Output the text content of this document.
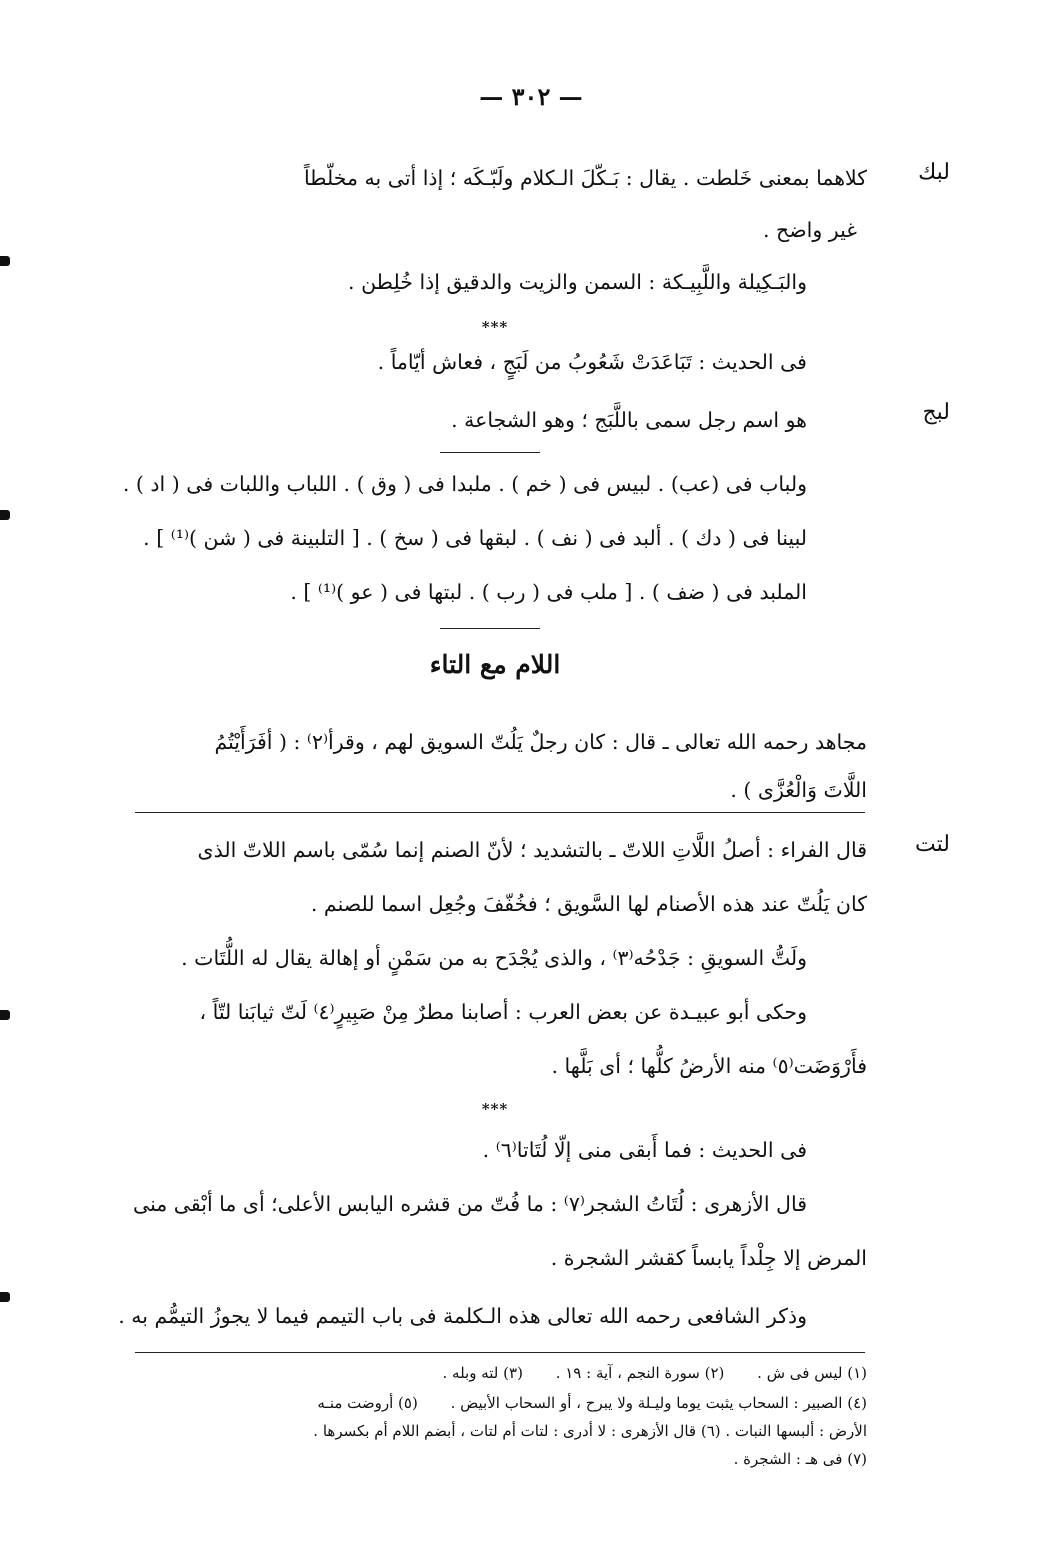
— ٣٠٢ —
لبك
كلاهما بمعنى خَلطت . يقال : بَـكّلَ الـكلام ولَبّـكَه ؛ إذا أتى به مخلّطاً
غير واضح .
والبَـكِيلة واللَّبِيـكة : السمن والزيت والدقيق إذا خُلِطن .
***
فى الحديث : تَبَاعَدَتْ شَعُوبُ من لَبَجٍ ، فعاش أيّاماً .
لبج
هو اسم رجل سمى باللَّبَج ؛ وهو الشجاعة .
ولباب فى (عب) . لبيس فى ( خم ) . ملبدا فى ( وق ) . اللباب واللبات فى ( اد ) .
لبينا فى ( دك ) . ألبد فى ( نف ) . لبقها فى ( سخ ) . [ التلبينة فى ( شن )⁽¹⁾ ] .
الملبد فى ( ضف ) . [ ملب فى ( رب ) . لبتها فى ( عو )⁽¹⁾ ] .
اللام مع التاء
مجاهد رحمه الله تعالى ـ قال : كان رجلٌ يَلُتّ السويق لهم ، وقرأ⁽٢⁾ : ( أفَرَأَيْتُمُ
اللَّاتَ وَالْعُزَّى ) .
لتت
قال الفراء : أصلُ اللَّاتِ اللاتّ ـ بالتشديد ؛ لأنّ الصنم إنما سُمّى باسم اللاتّ الذى
كان يَلُتّ عند هذه الأصنام لها السَّويق ؛ فخُفّفَ وجُعِل اسما للصنم .
ولَتُّ السويقِ : جَدْحُه⁽٣⁾ ، والذى يُجْدَح به من سَمْنٍ أو إهالة يقال له اللُّتَات .
وحكى أبو عبيـدة عن بعض العرب : أصابنا مطرٌ مِنْ صَبِيرٍ⁽٤⁾ لَتّ ثيابَنا لتّاً ،
فأَرْوَضَت⁽٥⁾ منه الأرضُ كلُّها ؛ أى بَلَّها .
***
فى الحديث : فما أَبقى منى إلّا لُتَاتا⁽٦⁾ .
قال الأزهرى : لُتَاتُ الشجر⁽٧⁾ : ما فُتّ من قشره اليابس الأعلى؛ أى ما أبْقى منى
المرض إلا جِلْداً يابساً كقشر الشجرة .
وذكر الشافعى رحمه الله تعالى هذه الـكلمة فى باب التيمم فيما لا يجوزُ التيمُّم به .
(١) ليس فى ش . (٢) سورة النجم ، آية : ١٩ . (٣) لته وبله .
(٤) الصبير : السحاب يثبت يوما وليـلة ولا يبرح ، أو السحاب الأبيض . (٥) أروضت منـه
الأرض : ألبسها النبات . (٦) قال الأزهرى : لا أدرى : لتات أم لتات ، أبضم اللام أم بكسرها .
(٧) فى هـ : الشجرة .
